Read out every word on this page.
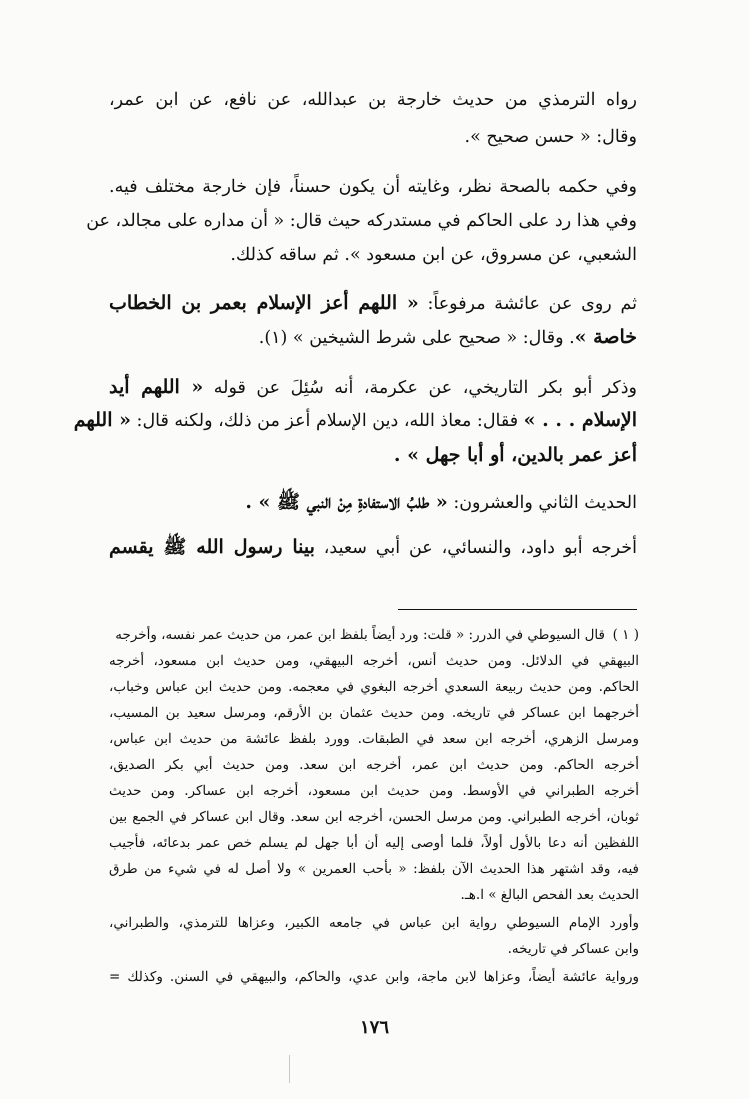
رواه الترمذي من حديث خارجة بن عبدالله، عن نافع، عن ابن عمر،
وقال: « حسن صحيح ».
وفي حكمه بالصحة نظر، وغايته أن يكون حسناً، فإن خارجة مختلف فيه.
وفي هذا رد على الحاكم في مستدركه حيث قال: « أن مداره على مجالد، عن
الشعبي، عن مسروق، عن ابن مسعود ». ثم ساقه كذلك.
ثم روى عن عائشة مرفوعاً: « اللهم أعز الإسلام بعمر بن الخطاب
خاصة ». وقال: « صحيح على شرط الشيخين » (١).
وذكر أبو بكر التاريخي، عن عكرمة، أنه سُئِلَ عن قوله « اللهم أيد
الإسلام . . . » فقال: معاذ الله، دين الإسلام أعز من ذلك، ولكنه قال: « اللهم
أعز عمر بالدين، أو أبا جهل » .
الحديث الثاني والعشرون: « طلبُ الاستفادةِ مِنْ النبي ﷺ » .
أخرجه أبو داود، والنسائي، عن أبي سعيد، بينا رسول الله ﷺ يقسم
( ١ )
قال السيوطي في الدرر: « قلت: ورد أيضاً بلفظ ابن عمر، من حديث عمر نفسه، وأخرجه
البيهقي في الدلائل. ومن حديث أنس، أخرجه البيهقي، ومن حديث ابن مسعود، أخرجه
الحاكم. ومن حديث ربيعة السعدي أخرجه البغوي في معجمه. ومن حديث ابن عباس وخباب،
أخرجهما ابن عساكر في تاريخه. ومن حديث عثمان بن الأرقم، ومرسل سعيد بن المسيب،
ومرسل الزهري، أخرجه ابن سعد في الطبقات. وورد بلفظ عائشة من حديث ابن عباس،
أخرجه الحاكم. ومن حديث ابن عمر، أخرجه ابن سعد. ومن حديث أبي بكر الصديق،
أخرجه الطبراني في الأوسط. ومن حديث ابن مسعود، أخرجه ابن عساكر. ومن حديث
ثوبان، أخرجه الطبراني. ومن مرسل الحسن، أخرجه ابن سعد. وقال ابن عساكر في الجمع بين
اللفظين أنه دعا بالأول أولاً، فلما أوصى إليه أن أبا جهل لم يسلم خص عمر بدعائه، فأجيب
فيه، وقد اشتهر هذا الحديث الآن بلفظ: « بأحب العمرين » ولا أصل له في شيء من طرق
الحديث بعد الفحص البالغ » ا.هـ.
وأورد الإمام السيوطي رواية ابن عباس في جامعه الكبير، وعزاها للترمذي، والطبراني،
وابن عساكر في تاريخه.
ورواية عائشة أيضاً، وعزاها لابن ماجة، وابن عدي، والحاكم، والبيهقي في السنن. وكذلك =
١٧٦
